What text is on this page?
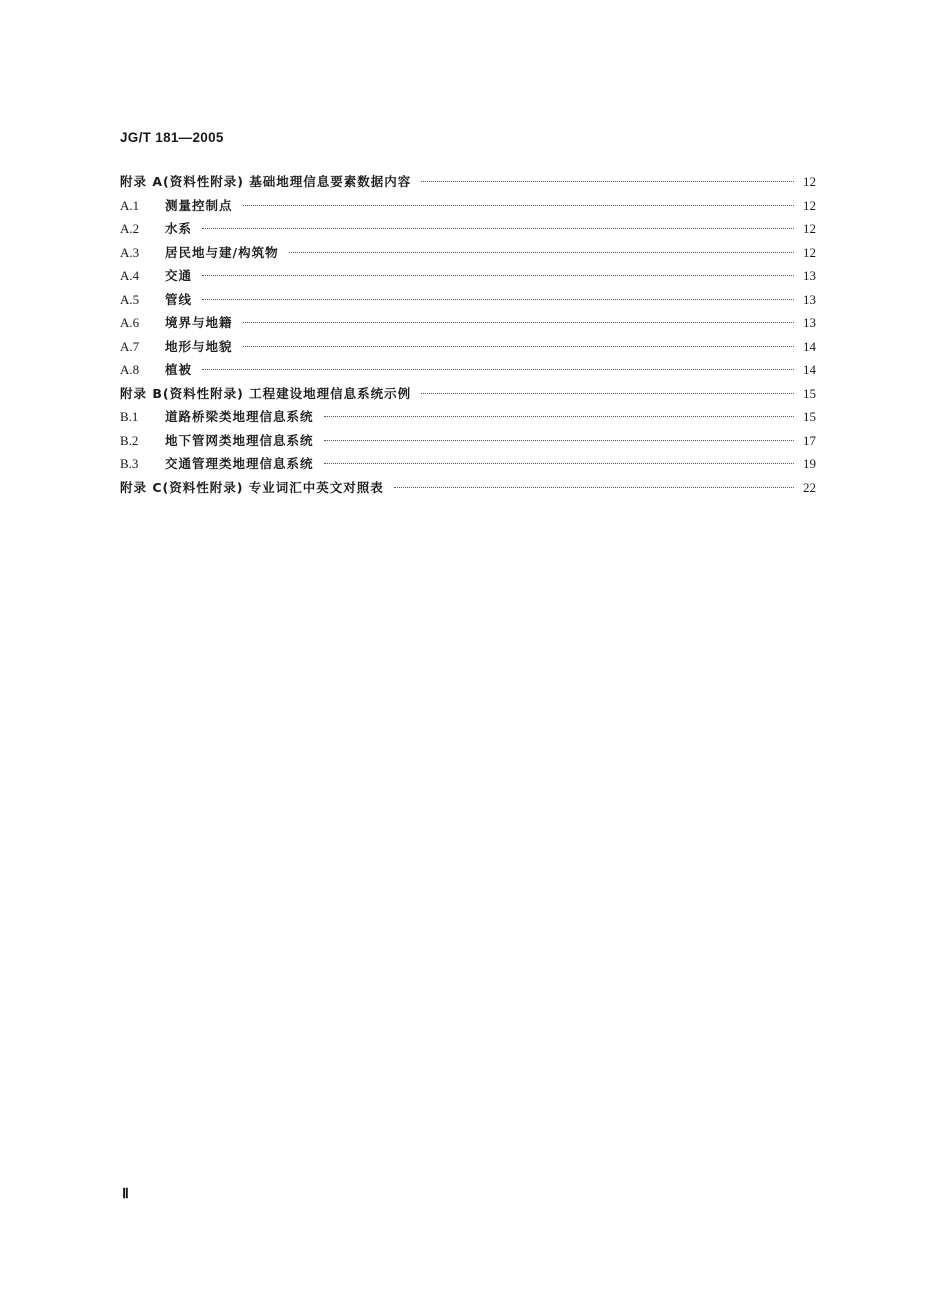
JG/T 181—2005
附录 A(资料性附录) 基础地理信息要素数据内容	12
A.1	测量控制点	12
A.2	水系	12
A.3	居民地与建/构筑物	12
A.4	交通	13
A.5	管线	13
A.6	境界与地籍	13
A.7	地形与地貌	14
A.8	植被	14
附录 B(资料性附录) 工程建设地理信息系统示例	15
B.1	道路桥梁类地理信息系统	15
B.2	地下管网类地理信息系统	17
B.3	交通管理类地理信息系统	19
附录 C(资料性附录) 专业词汇中英文对照表	22
Ⅱ
